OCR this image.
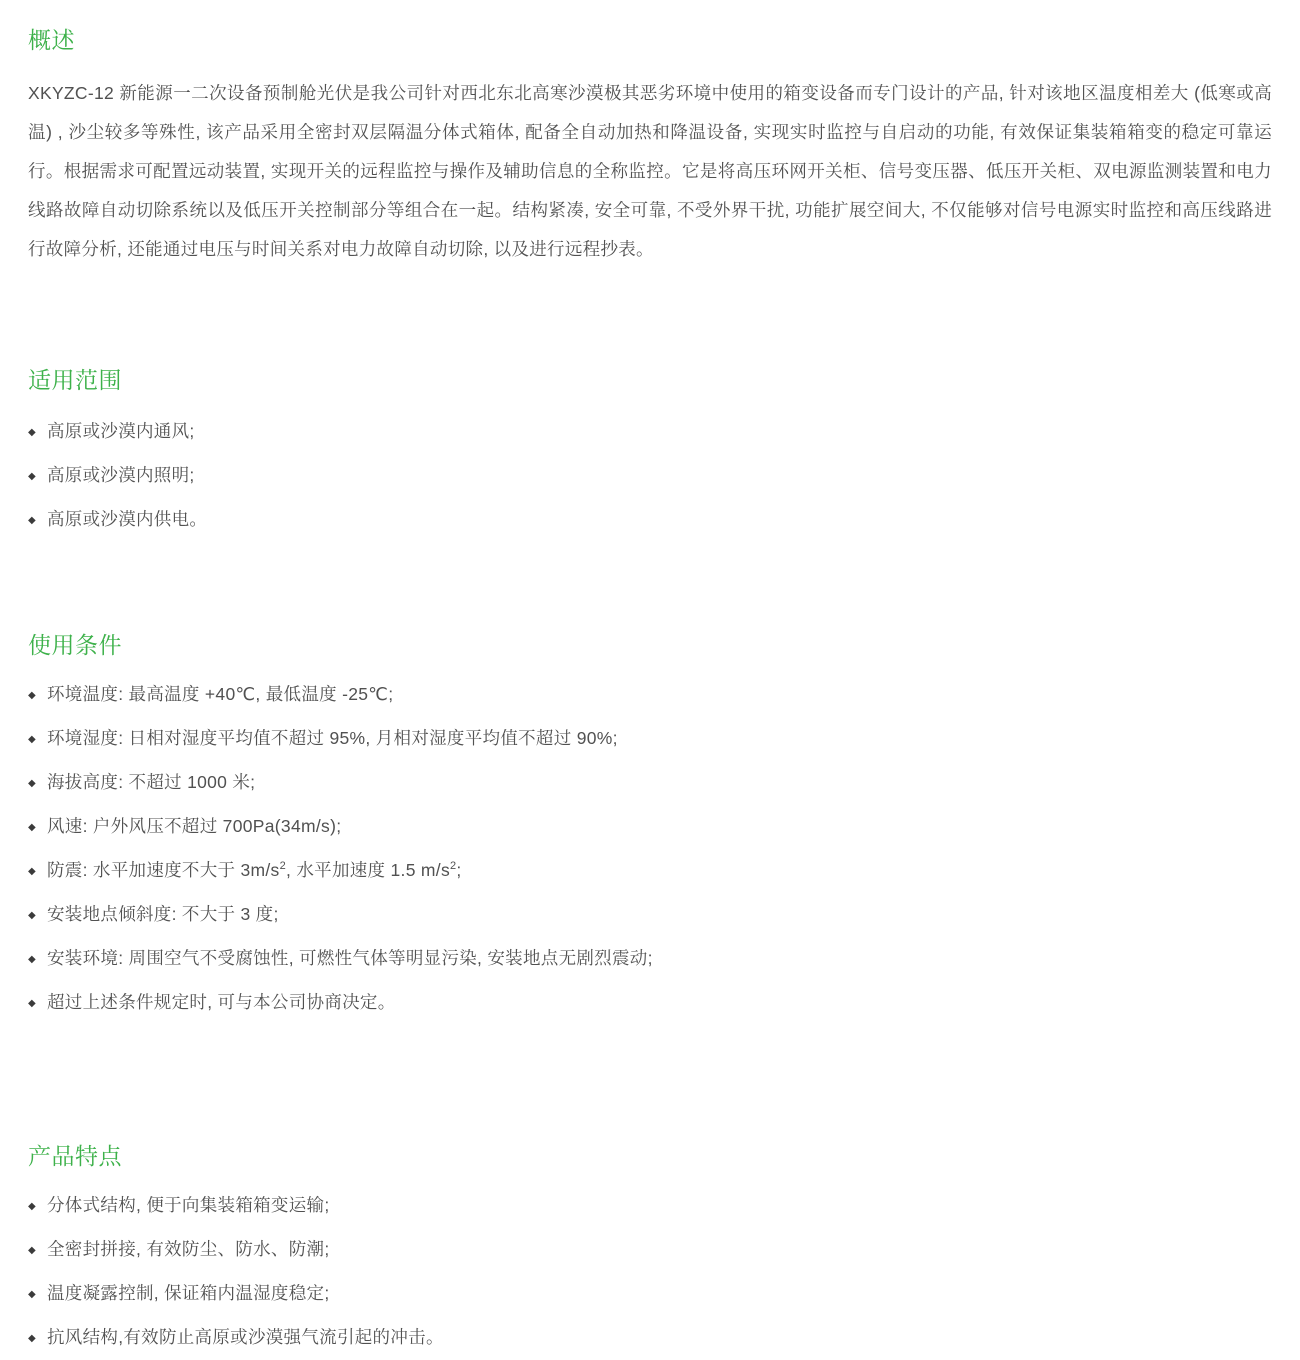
概述

XKYZC-12 新能源一二次设备预制舱光伏是我公司针对西北东北高寒沙漠极其恶劣环境中使用的箱变设备而专门设计的产品, 针对该地区温度相差大 (低寒或高温) , 沙尘较多等殊性, 该产品采用全密封双层隔温分体式箱体, 配备全自动加热和降温设备, 实现实时监控与自启动的功能, 有效保证集装箱箱变的稳定可靠运行。根据需求可配置远动装置, 实现开关的远程监控与操作及辅助信息的全称监控。它是将高压环网开关柜、信号变压器、低压开关柜、双电源监测装置和电力线路故障自动切除系统以及低压开关控制部分等组合在一起。结构紧凑, 安全可靠, 不受外界干扰, 功能扩展空间大, 不仅能够对信号电源实时监控和高压线路进行故障分析, 还能通过电压与时间关系对电力故障自动切除, 以及进行远程抄表。

适用范围
◆ 高原或沙漠内通风;
◆ 高原或沙漠内照明;
◆ 高原或沙漠内供电。
使用条件
◆ 环境温度: 最高温度 +40℃, 最低温度 -25℃;
◆ 环境湿度: 日相对湿度平均值不超过 95%, 月相对湿度平均值不超过 90%;
◆ 海拔高度: 不超过 1000 米;
◆ 风速: 户外风压不超过 700Pa(34m/s);
◆ 防震: 水平加速度不大于 $3m/s^2$, 水平加速度 1.5 $m/s^2$;
◆ 安装地点倾斜度: 不大于 3 度;
◆ 安装环境: 周围空气不受腐蚀性, 可燃性气体等明显污染, 安装地点无剧烈震动;
◆ 超过上述条件规定时, 可与本公司协商决定。
产品特点
◆ 分体式结构, 便于向集装箱箱变运输;
◆ 全密封拼接, 有效防尘、防水、防潮;
◆ 温度凝露控制, 保证箱内温湿度稳定;
◆ 抗风结构,有效防止高原或沙漠强气流引起的冲击。
